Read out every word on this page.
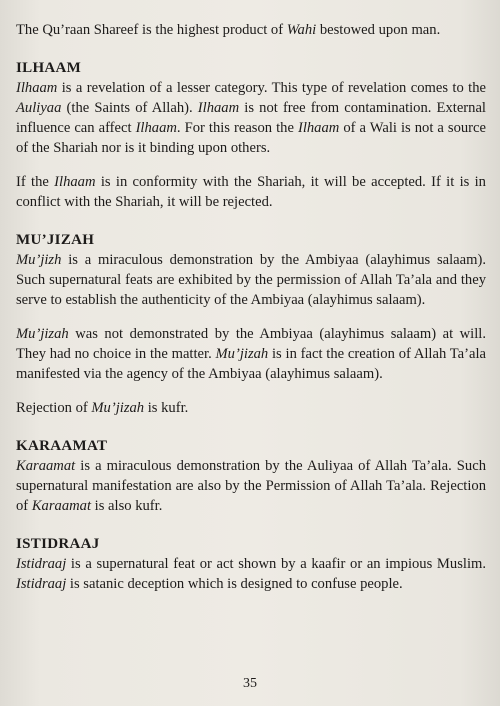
The Qu’raan Shareef is the highest product of Wahi bestowed upon man.

ILHAAM

Ilhaam is a revelation of a lesser category. This type of revelation comes to the Auliyaa (the Saints of Allah). Ilhaam is not free from contamination. External influence can affect Ilhaam. For this reason the Ilhaam of a Wali is not a source of the Shariah nor is it binding upon others.

If the Ilhaam is in conformity with the Shariah, it will be accepted. If it is in conflict with the Shariah, it will be rejected.

MU’JIZAH

Mu’jizh is a miraculous demonstration by the Ambiyaa (alayhimus salaam). Such supernatural feats are exhibited by the permission of Allah Ta’ala and they serve to establish the authenticity of the Ambiyaa (alayhimus salaam).

Mu’jizah was not demonstrated by the Ambiyaa (alayhimus salaam) at will. They had no choice in the matter. Mu’jizah is in fact the creation of Allah Ta’ala manifested via the agency of the Ambiyaa (alayhimus salaam).

Rejection of Mu’jizah is kufr.

KARAAMAT

Karaamat is a miraculous demonstration by the Auliyaa of Allah Ta’ala. Such supernatural manifestation are also by the Permission of Allah Ta’ala. Rejection of Karaamat is also kufr.

ISTIDRAAJ

Istidraaj is a supernatural feat or act shown by a kaafir or an impious Muslim. Istidraaj is satanic deception which is designed to confuse people.

35
